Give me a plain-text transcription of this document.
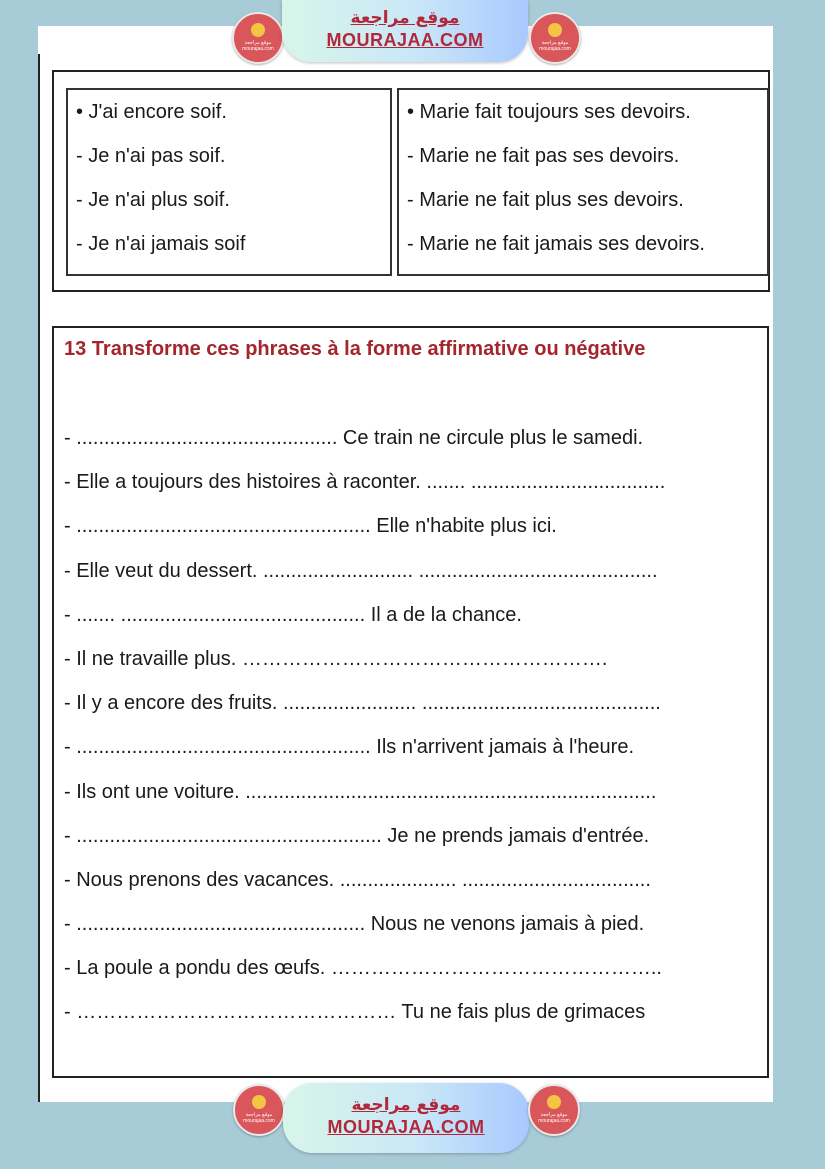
موقع مراجعة mourajaa.com
موقع مراجعة
MOURAJAA.COM	موقع مراجعة mourajaa.com
• J'ai encore soif.
- Je n'ai pas soif.
- Je n'ai plus soif.
- Je n'ai jamais soif
• Marie fait toujours ses devoirs.
- Marie ne fait pas ses devoirs.
- Marie ne fait plus ses devoirs.
- Marie ne fait jamais ses devoirs.
13 Transforme ces phrases à la forme affirmative ou négative
- ............................................... Ce train ne circule plus le samedi.
- Elle a toujours des histoires à raconter. ....... ...................................
- ..................................................... Elle n'habite plus ici.
- Elle veut du dessert. ........................... ...........................................
- ....... ............................................ Il a de la chance.
- Il ne travaille plus. ……………………………………………….
- Il y a encore des fruits. ........................ ...........................................
- ..................................................... Ils n'arrivent jamais à l'heure.
- Ils ont une voiture. ..........................................................................
- ....................................................... Je ne prends jamais d'entrée.
- Nous prenons des vacances. ..................... ..................................
- .................................................... Nous ne venons jamais à pied.
- La poule a pondu des œufs. …………………………………………..
- ………………………………………… Tu ne fais plus de grimaces
موقع مراجعة mourajaa.com
موقع مراجعة
MOURAJAA.COM
موقع مراجعة mourajaa.com
